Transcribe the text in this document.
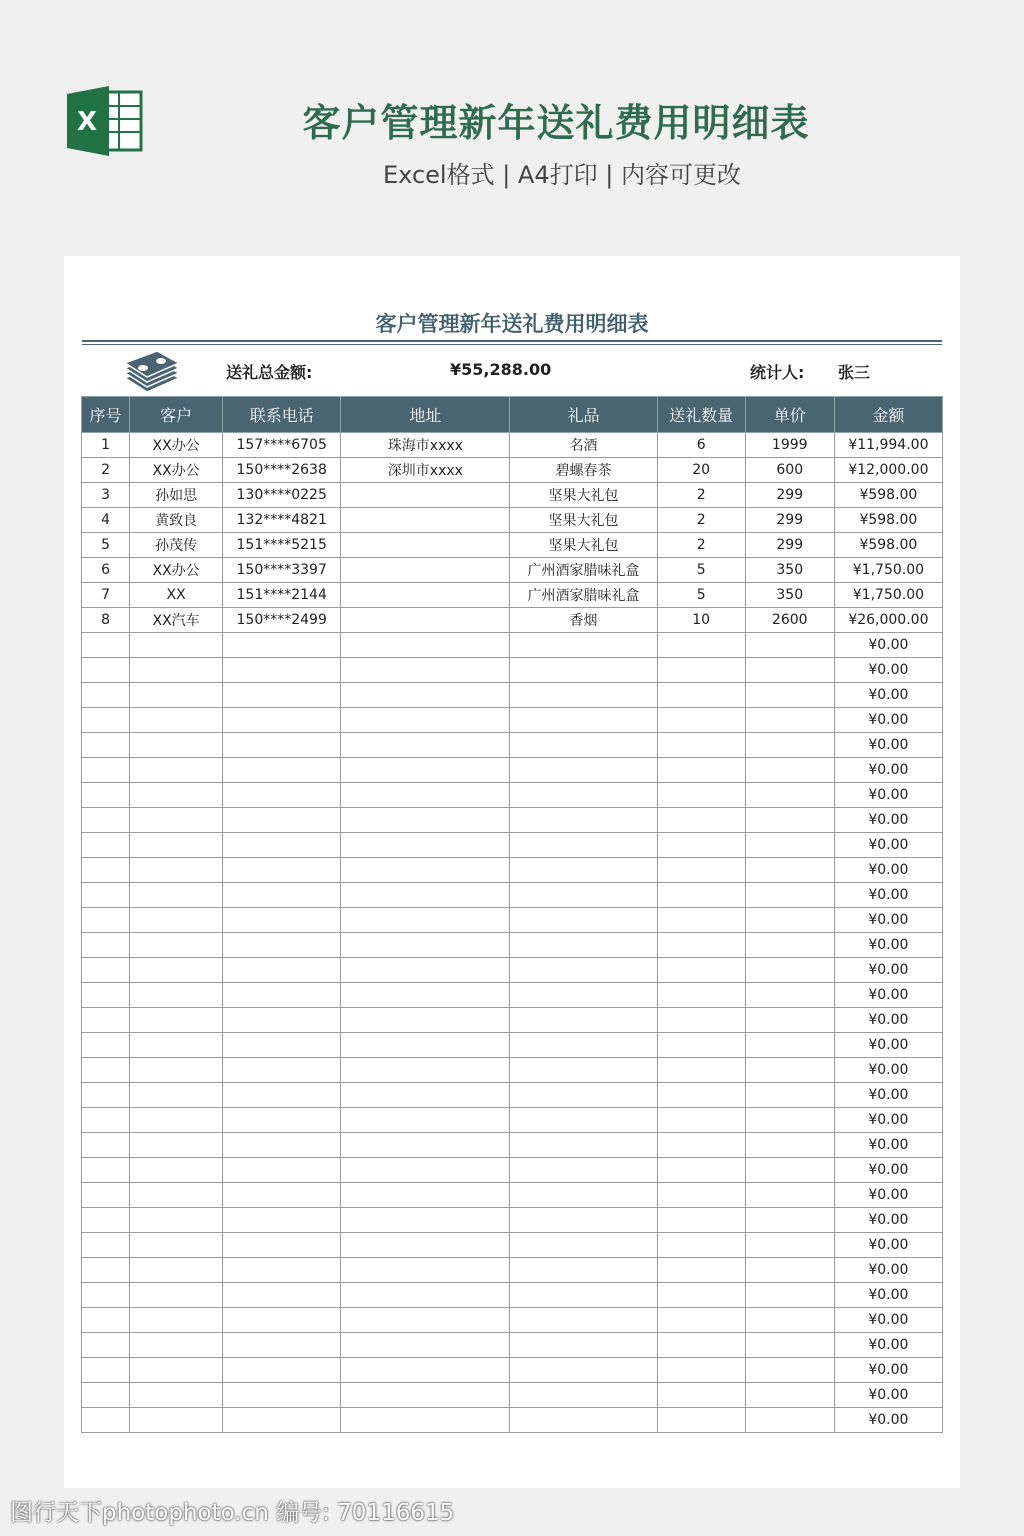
X	客户管理新年送礼费用明细表
Excel格式 | A4打印 | 内容可更改
客户管理新年送礼费用明细表
送礼总金额:	¥55,288.00	统计人: 张三
序号	客户	联系电话	地址	礼品	送礼数量	单价	金额
1	XX办公	157****6705	珠海市xxxx	名酒	6	1999	¥11,994.00
2	XX办公	150****2638	深圳市xxxx	碧螺春茶	20	600	¥12,000.00
3	孙如思	130****0225		坚果大礼包	2	299	¥598.00
4	黄致良	132****4821		坚果大礼包	2	299	¥598.00
5	孙茂传	151****5215		坚果大礼包	2	299	¥598.00
6	XX办公	150****3397		广州酒家腊味礼盒	5	350	¥1,750.00
7	XX	151****2144		广州酒家腊味礼盒	5	350	¥1,750.00
8	XX汽车	150****2499		香烟	10	2600	¥26,000.00
							¥0.00
							¥0.00
							¥0.00
							¥0.00
							¥0.00
							¥0.00
							¥0.00
							¥0.00
							¥0.00
							¥0.00
							¥0.00
							¥0.00
							¥0.00
							¥0.00
							¥0.00
							¥0.00
							¥0.00
							¥0.00
							¥0.00
							¥0.00
							¥0.00
							¥0.00
							¥0.00
							¥0.00
							¥0.00
							¥0.00
							¥0.00
							¥0.00
							¥0.00
							¥0.00
							¥0.00
							¥0.00
图行天下photophoto.cn 编号: 70116615
